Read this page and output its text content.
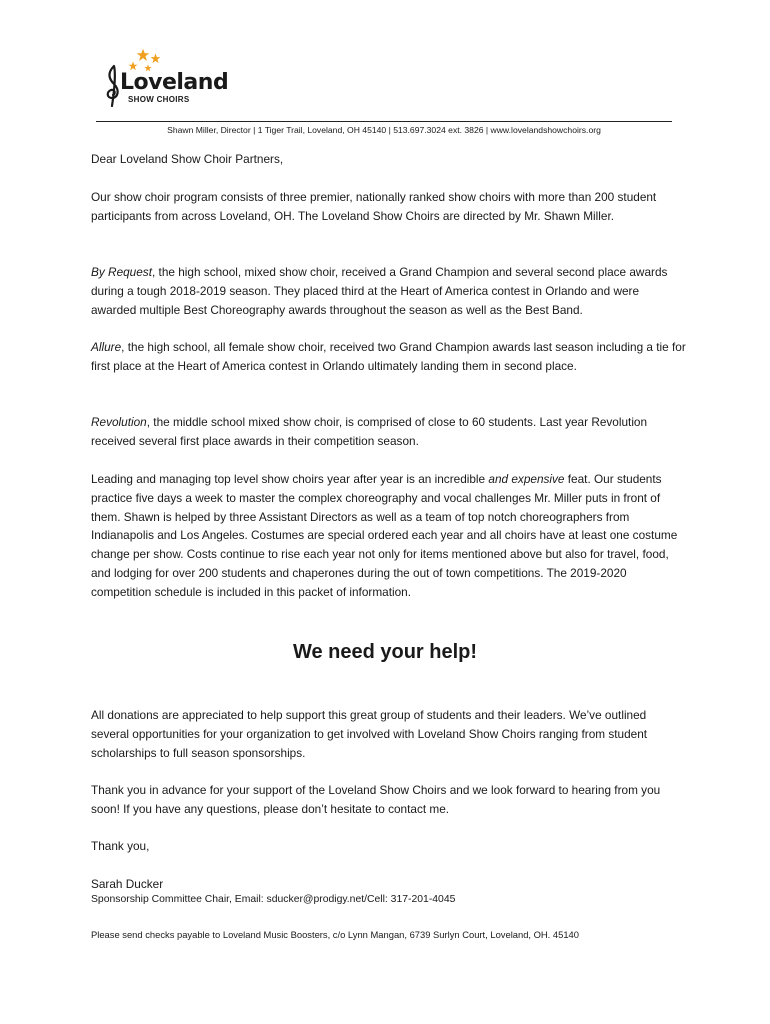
Loveland
SHOW CHOIRS
Shawn Miller, Director | 1 Tiger Trail, Loveland, OH 45140 | 513.697.3024 ext. 3826 | www.lovelandshowchoirs.org

Dear Loveland Show Choir Partners,

Our show choir program consists of three premier, nationally ranked show choirs with more than 200 student participants from across Loveland, OH. The Loveland Show Choirs are directed by Mr. Shawn Miller.

By Request, the high school, mixed show choir, received a Grand Champion and several second place awards during a tough 2018-2019 season. They placed third at the Heart of America contest in Orlando and were awarded multiple Best Choreography awards throughout the season as well as the Best Band.

Allure, the high school, all female show choir, received two Grand Champion awards last season including a tie for first place at the Heart of America contest in Orlando ultimately landing them in second place.

Revolution, the middle school mixed show choir, is comprised of close to 60 students. Last year Revolution received several first place awards in their competition season.

Leading and managing top level show choirs year after year is an incredible and expensive feat. Our students practice five days a week to master the complex choreography and vocal challenges Mr. Miller puts in front of them. Shawn is helped by three Assistant Directors as well as a team of top notch choreographers from Indianapolis and Los Angeles. Costumes are special ordered each year and all choirs have at least one costume change per show. Costs continue to rise each year not only for items mentioned above but also for travel, food, and lodging for over 200 students and chaperones during the out of town competitions. The 2019-2020 competition schedule is included in this packet of information.

We need your help!

All donations are appreciated to help support this great group of students and their leaders. We’ve outlined several opportunities for your organization to get involved with Loveland Show Choirs ranging from student scholarships to full season sponsorships.

Thank you in advance for your support of the Loveland Show Choirs and we look forward to hearing from you soon! If you have any questions, please don’t hesitate to contact me.

Thank you,

Sarah Ducker

Sponsorship Committee Chair, Email: sducker@prodigy.net/Cell: 317-201-4045
Please send checks payable to Loveland Music Boosters, c/o Lynn Mangan, 6739 Surlyn Court, Loveland, OH. 45140
